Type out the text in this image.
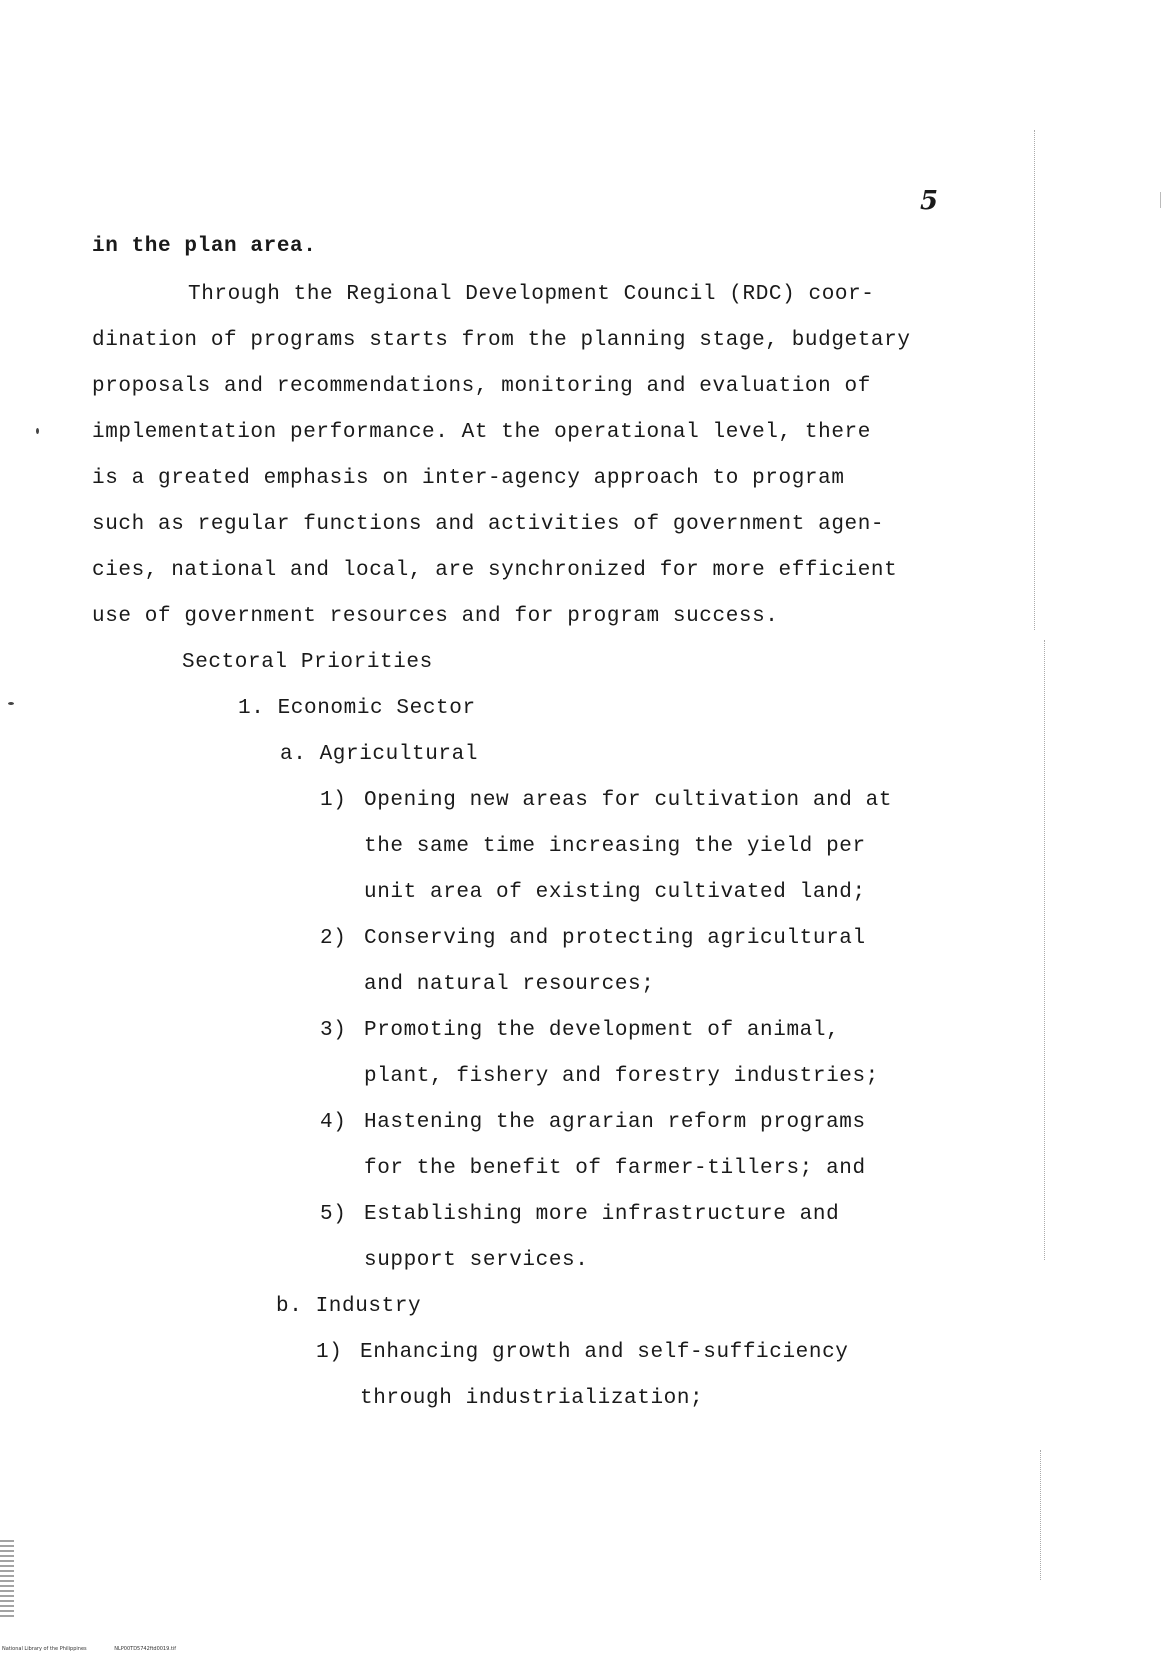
5
in the plan area.
Through the Regional Development Council (RDC) coor-
dination of programs starts from the planning stage, budgetary
proposals and recommendations, monitoring and evaluation of
implementation performance. At the operational level, there
is a greated emphasis on inter-agency approach to program
such as regular functions and activities of government agen-
cies, national and local, are synchronized for more efficient
use of government resources and for program success.
Sectoral Priorities
1. Economic Sector
a. Agricultural
1) Opening new areas for cultivation and at
the same time increasing the yield per
unit area of existing cultivated land;
2) Conserving and protecting agricultural
and natural resources;
3) Promoting the development of animal,
plant, fishery and forestry industries;
4) Hastening the agrarian reform programs
for the benefit of farmer-tillers; and
5) Establishing more infrastructure and
support services.
b. Industry
1) Enhancing growth and self-sufficiency
through industrialization;
National Library of the Philippines	NLP00TD5742ftd0019.tif
